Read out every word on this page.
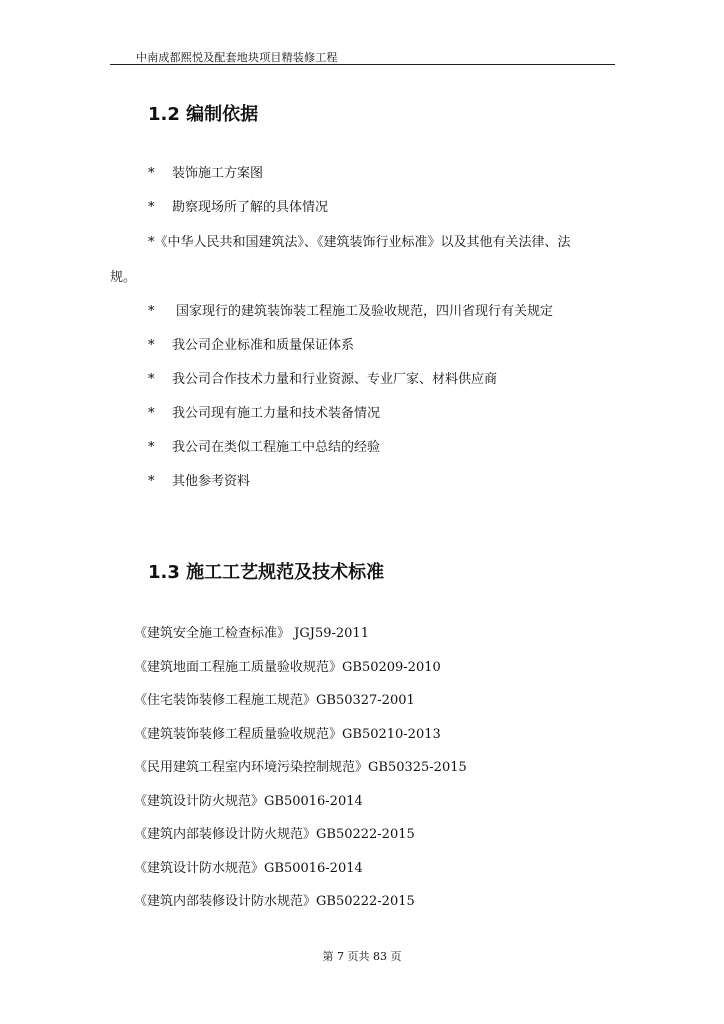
中南成都熙悦及配套地块项目精装修工程
1.2 编制依据
* 装饰施工方案图
* 勘察现场所了解的具体情况
*《中华人民共和国建筑法》、《建筑装饰行业标准》以及其他有关法律、法
规。
* 国家现行的建筑装饰装工程施工及验收规范，四川省现行有关规定
* 我公司企业标准和质量保证体系
* 我公司合作技术力量和行业资源、专业厂家、材料供应商
* 我公司现有施工力量和技术装备情况
* 我公司在类似工程施工中总结的经验
* 其他参考资料
1.3 施工工艺规范及技术标准
《建筑安全施工检查标准》 JGJ59-2011
《建筑地面工程施工质量验收规范》GB50209-2010
《住宅装饰装修工程施工规范》GB50327-2001
《建筑装饰装修工程质量验收规范》GB50210-2013
《民用建筑工程室内环境污染控制规范》GB50325-2015
《建筑设计防火规范》GB50016-2014
《建筑内部装修设计防火规范》GB50222-2015
《建筑设计防水规范》GB50016-2014
《建筑内部装修设计防水规范》GB50222-2015
第 7 页共 83 页
